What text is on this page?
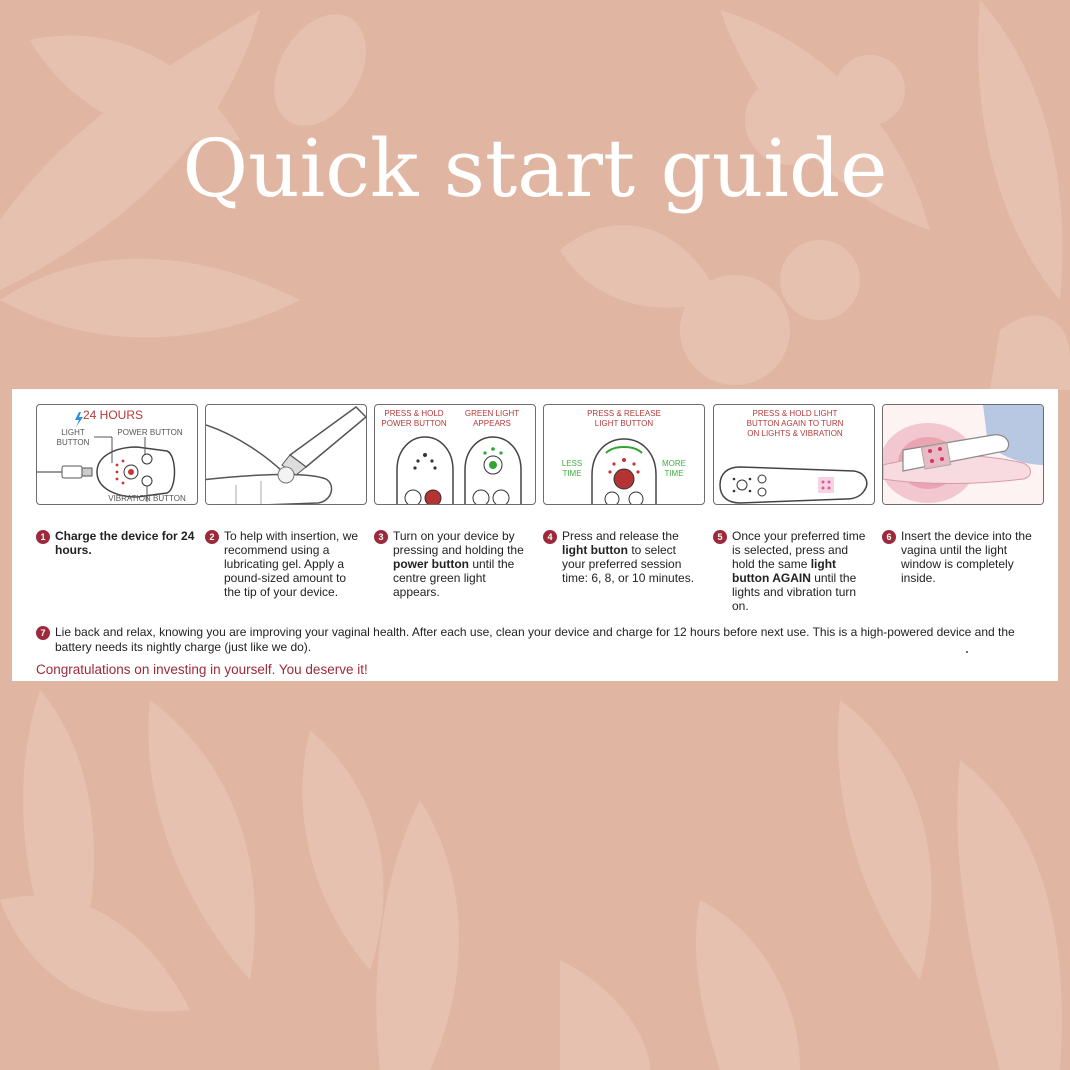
Quick start guide
24 HOURS
LIGHT BUTTON
POWER BUTTON
VIBRATION BUTTON
PRESS & HOLD POWER BUTTON
GREEN LIGHT APPEARS
PRESS & RELEASE LIGHT BUTTON
LESS TIME
MORE TIME
PRESS & HOLD LIGHT BUTTON AGAIN TO TURN ON LIGHTS & VIBRATION
1 Charge the device for 24 hours.
2 To help with insertion, we recommend using a lubricating gel. Apply a pound-sized amount to the tip of your device.
3 Turn on your device by pressing and holding the power button until the centre green light appears.
4 Press and release the light button to select your preferred session time: 6, 8, or 10 minutes.
5 Once your preferred time is selected, press and hold the same light button AGAIN until the lights and vibration turn on.
6 Insert the device into the vagina until the light window is completely inside.
7 Lie back and relax, knowing you are improving your vaginal health. After each use, clean your device and charge for 12 hours before next use. This is a high-powered device and the battery needs its nightly charge (just like we do).
Congratulations on investing in yourself. You deserve it!
